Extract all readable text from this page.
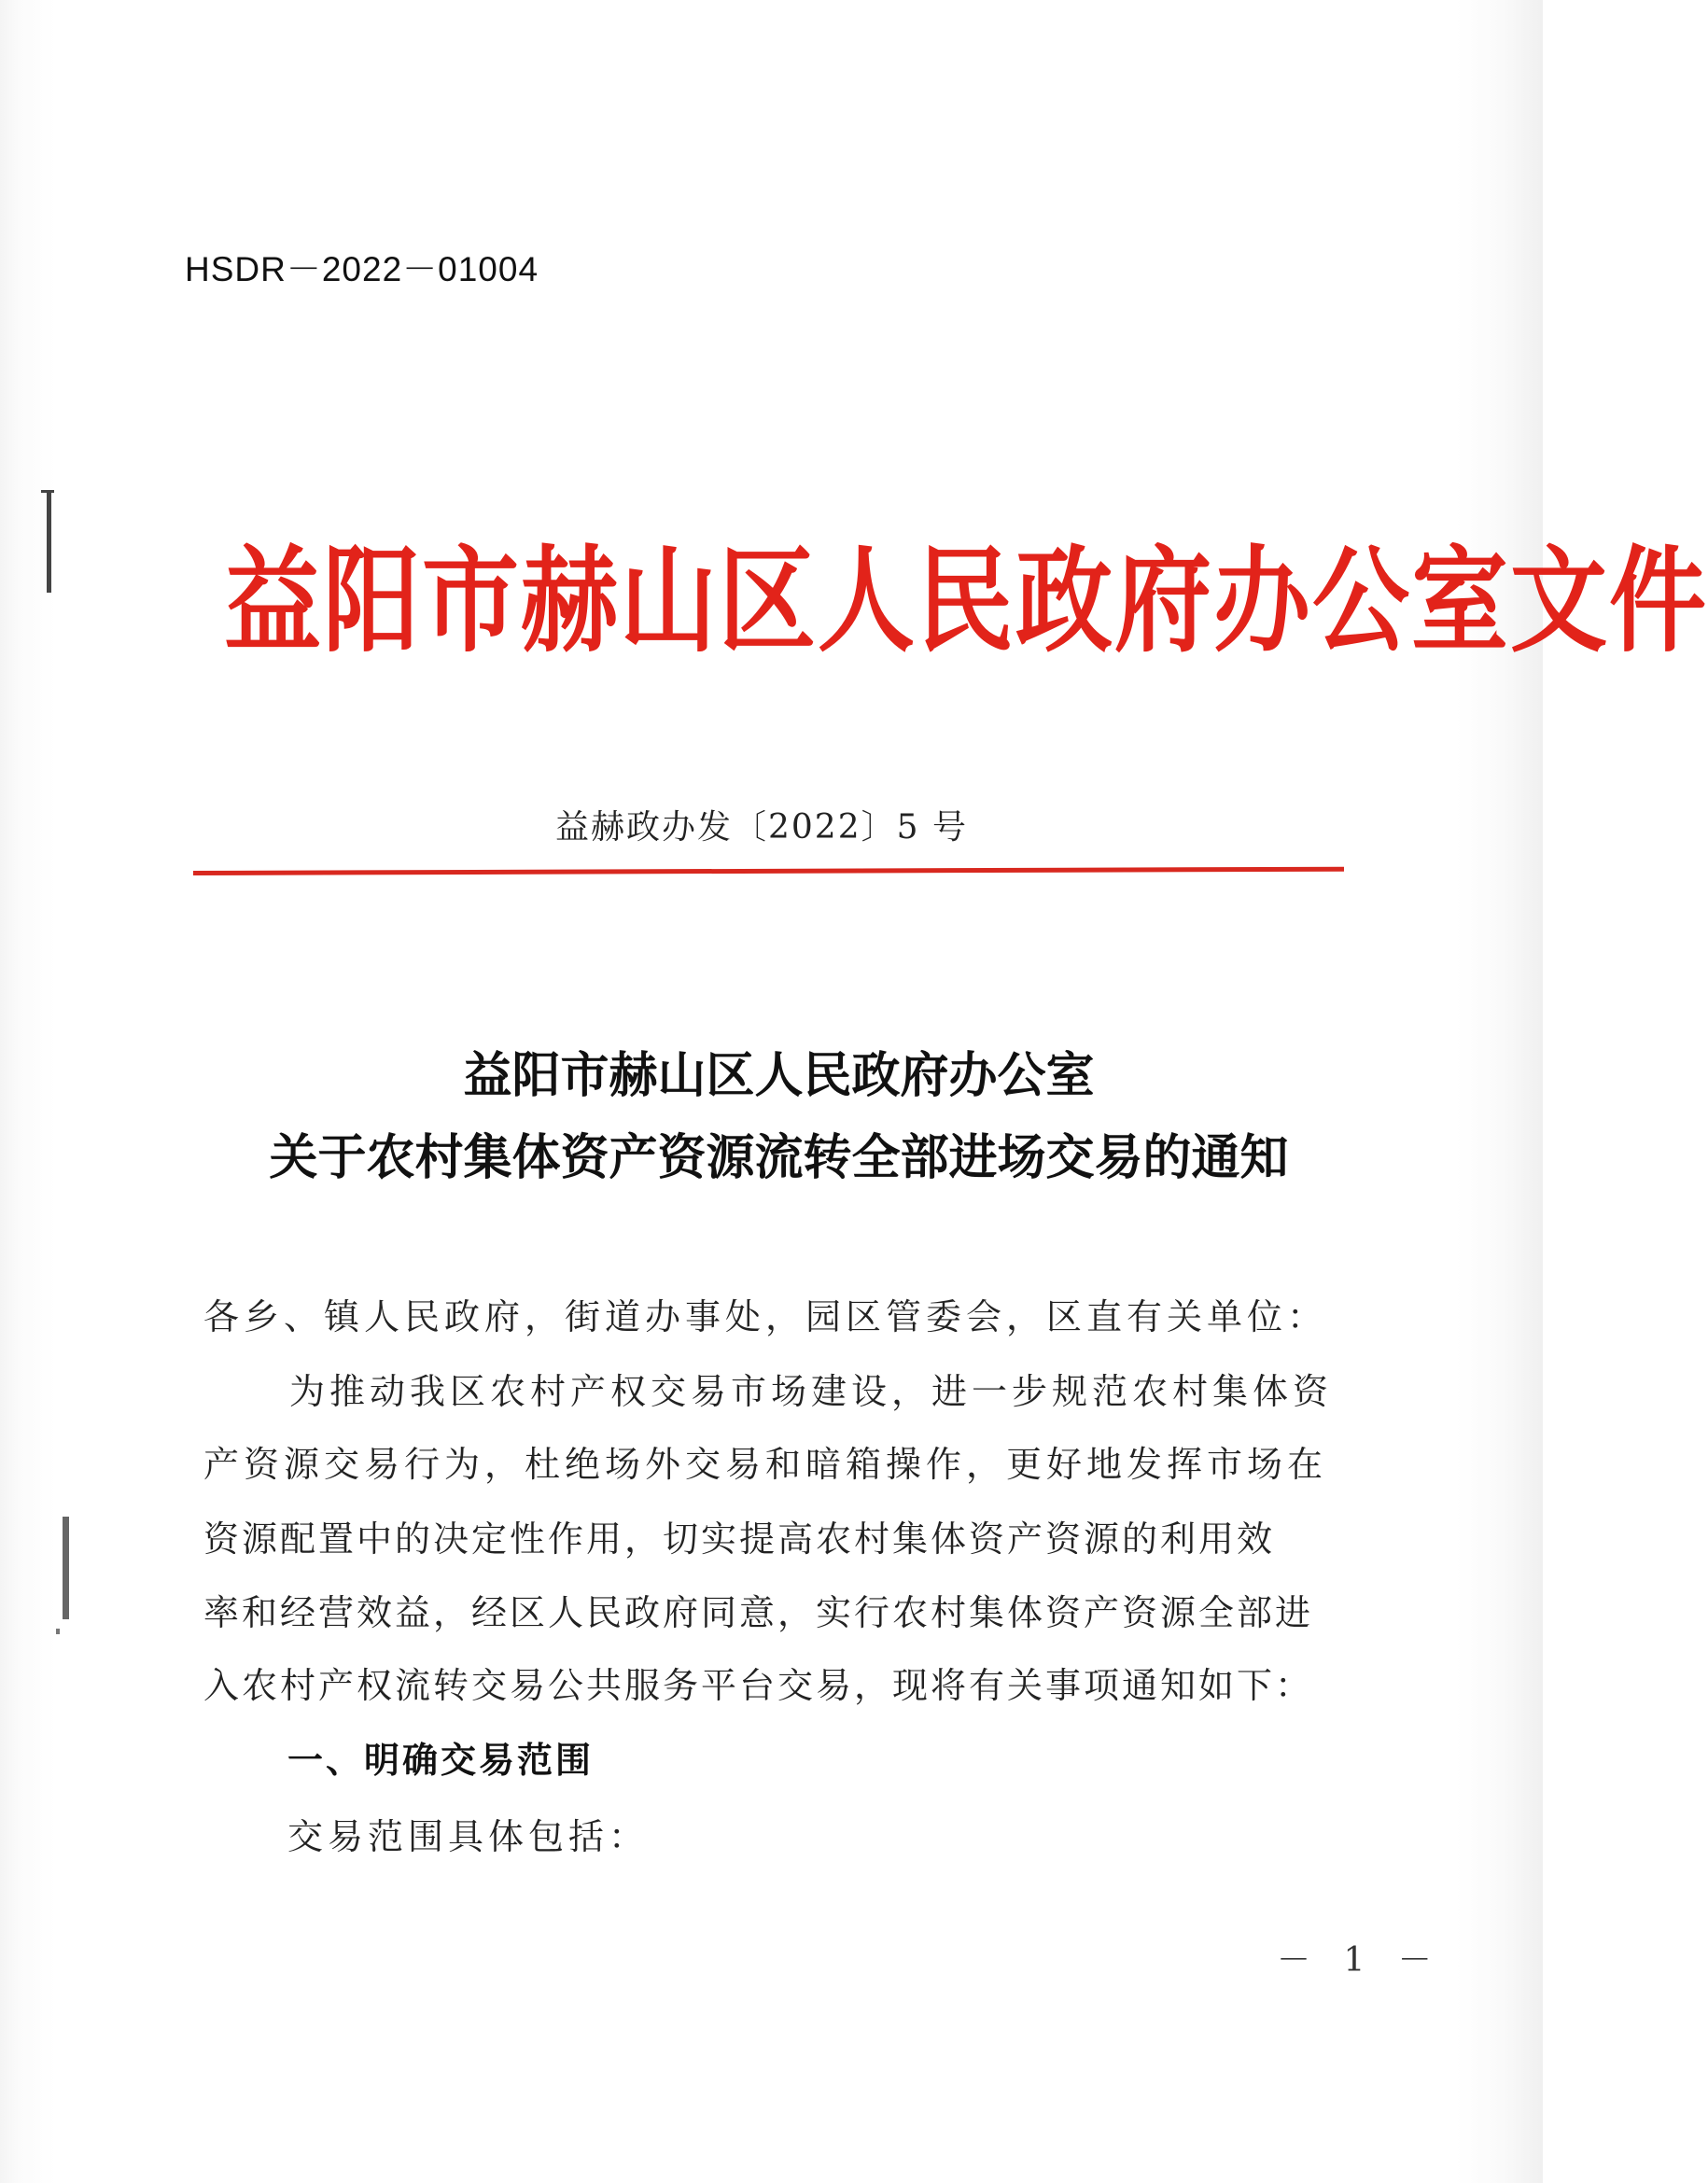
HSDR－2022－01004
益阳市赫山区人民政府办公室文件
益赫政办发〔2022〕5 号
益阳市赫山区人民政府办公室
关于农村集体资产资源流转全部进场交易的通知
各乡、镇人民政府，街道办事处，园区管委会，区直有关单位：
为推动我区农村产权交易市场建设，进一步规范农村集体资
产资源交易行为，杜绝场外交易和暗箱操作，更好地发挥市场在
资源配置中的决定性作用，切实提高农村集体资产资源的利用效
率和经营效益，经区人民政府同意，实行农村集体资产资源全部进
入农村产权流转交易公共服务平台交易，现将有关事项通知如下：
一、明确交易范围
交易范围具体包括：
－ 1 －
